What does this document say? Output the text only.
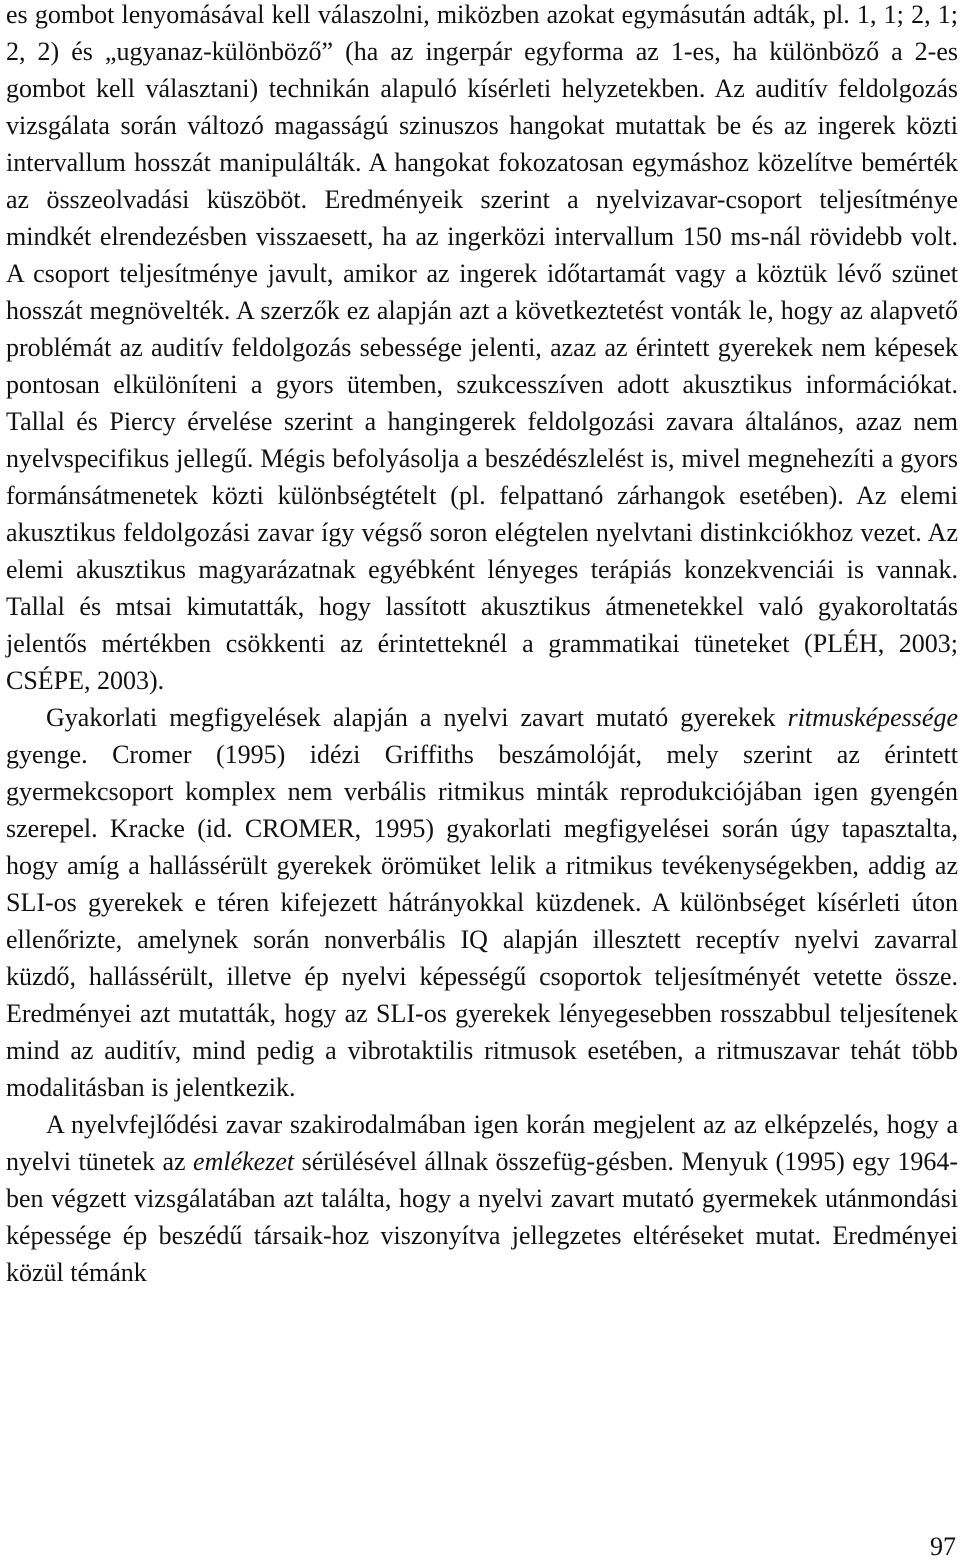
es gombot lenyomásával kell válaszolni, miközben azokat egymásután adták, pl. 1, 1; 2, 1; 2, 2) és „ugyanaz-különböző” (ha az ingerpár egyforma az 1-es, ha különböző a 2-es gombot kell választani) technikán alapuló kísérleti helyzetekben. Az auditív feldolgozás vizsgálata során változó magasságú szinuszos hangokat mutattak be és az ingerek közti intervallum hosszát manipulálták. A hangokat fokozatosan egymáshoz közelítve bemérték az összeolvadási küszöböt. Eredményeik szerint a nyelvizavar-csoport teljesítménye mindkét elrendezésben visszaesett, ha az ingerközi intervallum 150 ms-nál rövidebb volt. A csoport teljesítménye javult, amikor az ingerek időtartamát vagy a köztük lévő szünet hosszát megnövelték. A szerzők ez alapján azt a következtetést vonták le, hogy az alapvető problémát az auditív feldolgozás sebessége jelenti, azaz az érintett gyerekek nem képesek pontosan elkülöníteni a gyors ütemben, szukcesszíven adott akusztikus információkat. Tallal és Piercy érvelése szerint a hangingerek feldolgozási zavara általános, azaz nem nyelvspecifikus jellegű. Mégis befolyásolja a beszédészlelést is, mivel megnehezíti a gyors formánsátmenetek közti különbségtételt (pl. felpattanó zárhangok esetében). Az elemi akusztikus feldolgozási zavar így végső soron elégtelen nyelvtani distinkciókhoz vezet. Az elemi akusztikus magyarázatnak egyébként lényeges terápiás konzekvenciái is vannak. Tallal és mtsai kimutatták, hogy lassított akusztikus átmenetekkel való gyakoroltatás jelentős mértékben csökkenti az érintetteknél a grammatikai tüneteket (PLÉH, 2003; CSÉPE, 2003).

Gyakorlati megfigyelések alapján a nyelvi zavart mutató gyerekek ritmusképessége gyenge. Cromer (1995) idézi Griffiths beszámolóját, mely szerint az érintett gyermekcsoport komplex nem verbális ritmikus minták reprodukciójában igen gyengén szerepel. Kracke (id. CROMER, 1995) gyakorlati megfigyelései során úgy tapasztalta, hogy amíg a hallássérült gyerekek örömüket lelik a ritmikus tevékenységekben, addig az SLI-os gyerekek e téren kifejezett hátrányokkal küzdenek. A különbséget kísérleti úton ellenőrizte, amelynek során nonverbális IQ alapján illesztett receptív nyelvi zavarral küzdő, hallássérült, illetve ép nyelvi képességű csoportok teljesítményét vetette össze. Eredményei azt mutatták, hogy az SLI-os gyerekek lényegesebben rosszabbul teljesítenek mind az auditív, mind pedig a vibrotaktilis ritmusok esetében, a ritmuszavar tehát több modalitásban is jelentkezik.

A nyelvfejlődési zavar szakirodalmában igen korán megjelent az az elképzelés, hogy a nyelvi tünetek az emlékezet sérülésével állnak összefüg-gésben. Menyuk (1995) egy 1964-ben végzett vizsgálatában azt találta, hogy a nyelvi zavart mutató gyermekek utánmondási képessége ép beszédű társaik-hoz viszonyítva jellegzetes eltéréseket mutat. Eredményei közül témánk

97
